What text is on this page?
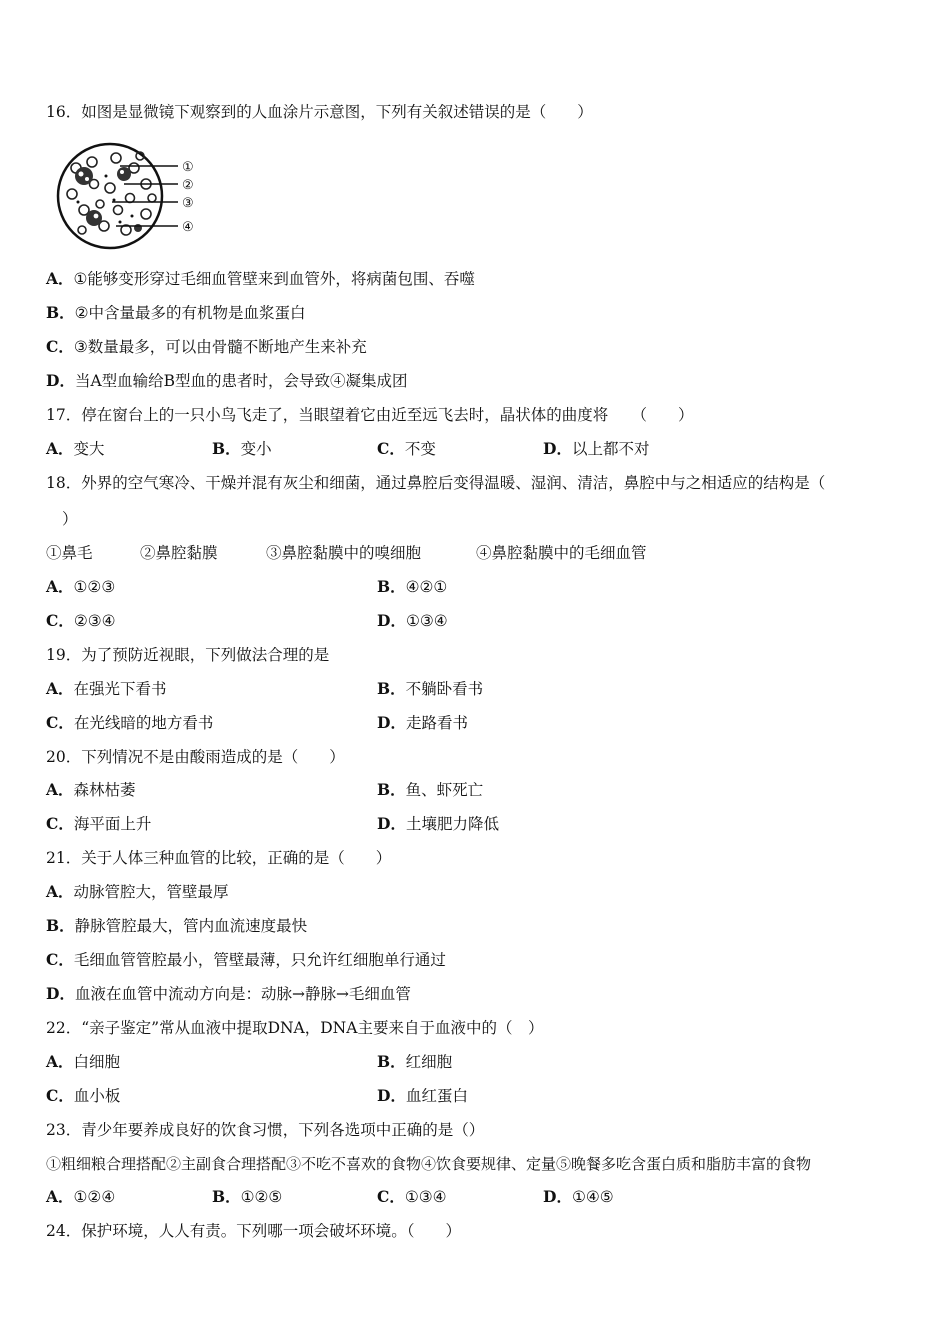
16．如图是显微镜下观察到的人血涂片示意图，下列有关叙述错误的是（　　）
①
②
③
④
A．①能够变形穿过毛细血管壁来到血管外，将病菌包围、吞噬
B．②中含量最多的有机物是血浆蛋白
C．③数量最多，可以由骨髓不断地产生来补充
D．当A型血输给B型血的患者时，会导致④凝集成团
17．停在窗台上的一只小鸟飞走了，当眼望着它由近至远飞去时，晶状体的曲度将　　（　　）
A．变大	B．变小	C．不变	D．以上都不对
18．外界的空气寒冷、干燥并混有灰尘和细菌，通过鼻腔后变得温暖、湿润、清洁，鼻腔中与之相适应的结构是（
）
①鼻毛	②鼻腔黏膜	③鼻腔黏膜中的嗅细胞	④鼻腔黏膜中的毛细血管
A．①②③	B．④②①
C．②③④	D．①③④
19．为了预防近视眼，下列做法合理的是
A．在强光下看书	B．不躺卧看书
C．在光线暗的地方看书	D．走路看书
20．下列情况不是由酸雨造成的是（　　）
A．森林枯萎	B．鱼、虾死亡
C．海平面上升	D．土壤肥力降低
21．关于人体三种血管的比较，正确的是（　　）
A．动脉管腔大，管壁最厚
B．静脉管腔最大，管内血流速度最快
C．毛细血管管腔最小，管壁最薄，只允许红细胞单行通过
D．血液在血管中流动方向是：动脉→静脉→毛细血管
22．“亲子鉴定”常从血液中提取DNA，DNA主要来自于血液中的（　）
A．白细胞	B．红细胞
C．血小板	D．血红蛋白
23．青少年要养成良好的饮食习惯，下列各选项中正确的是（）
①粗细粮合理搭配②主副食合理搭配③不吃不喜欢的食物④饮食要规律、定量⑤晚餐多吃含蛋白质和脂肪丰富的食物
A．①②④	B．①②⑤	C．①③④	D．①④⑤
24．保护环境，人人有责。下列哪一项会破坏环境。（　　）
